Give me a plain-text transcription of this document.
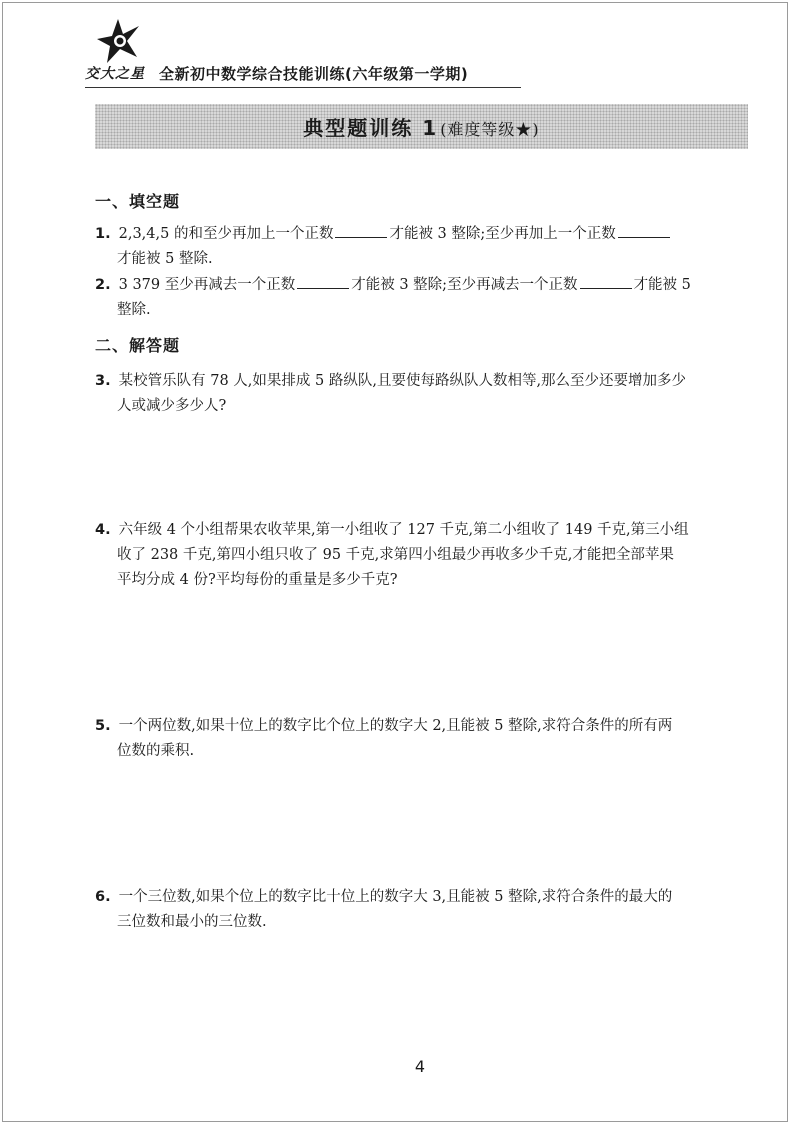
交大之星 全新初中数学综合技能训练(六年级第一学期)
典型题训练 1 (难度等级★)
一、填空题
1. 2,3,4,5 的和至少再加上一个正数	才能被 3 整除;至少再加上一个正数
才能被 5 整除.
2. 3 379 至少再减去一个正数	才能被 3 整除;至少再减去一个正数	才能被 5
整除.
二、解答题
3. 某校管乐队有 78 人,如果排成 5 路纵队,且要使每路纵队人数相等,那么至少还要增加多少
人或减少多少人?
4. 六年级 4 个小组帮果农收苹果,第一小组收了 127 千克,第二小组收了 149 千克,第三小组
收了 238 千克,第四小组只收了 95 千克,求第四小组最少再收多少千克,才能把全部苹果
平均分成 4 份?平均每份的重量是多少千克?
5. 一个两位数,如果十位上的数字比个位上的数字大 2,且能被 5 整除,求符合条件的所有两
位数的乘积.
6. 一个三位数,如果个位上的数字比十位上的数字大 3,且能被 5 整除,求符合条件的最大的
三位数和最小的三位数.
4
